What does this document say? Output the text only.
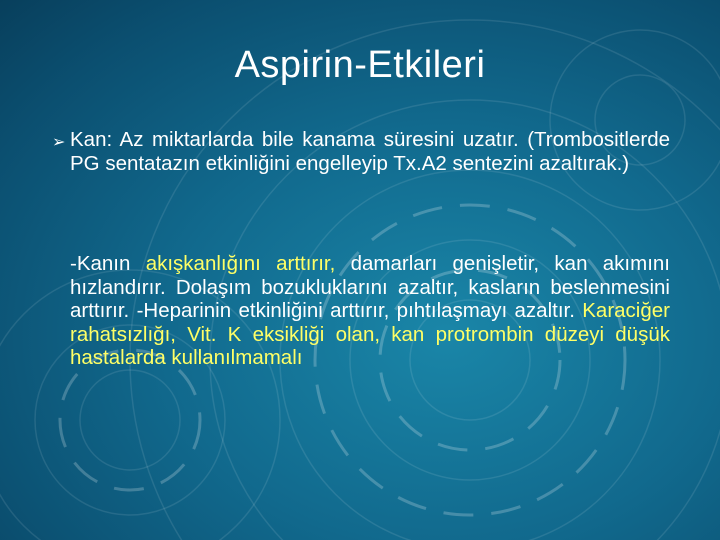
Aspirin-Etkileri
➢ Kan: Az miktarlarda bile kanama süresini uzatır. (Trombositlerde PG sentatazın etkinliğini engelleyip Tx.A2 sentezini azaltırak.)
-Kanın akışkanlığını arttırır, damarları genişletir, kan akımını hızlandırır. Dolaşım bozukluklarını azaltır, kasların beslenmesini arttırır. -Heparinin etkinliğini arttırır, pıhtılaşmayı azaltır. Karaciğer rahatsızlığı, Vit. K eksikliği olan, kan protrombin düzeyi düşük hastalarda kullanılmamalı
